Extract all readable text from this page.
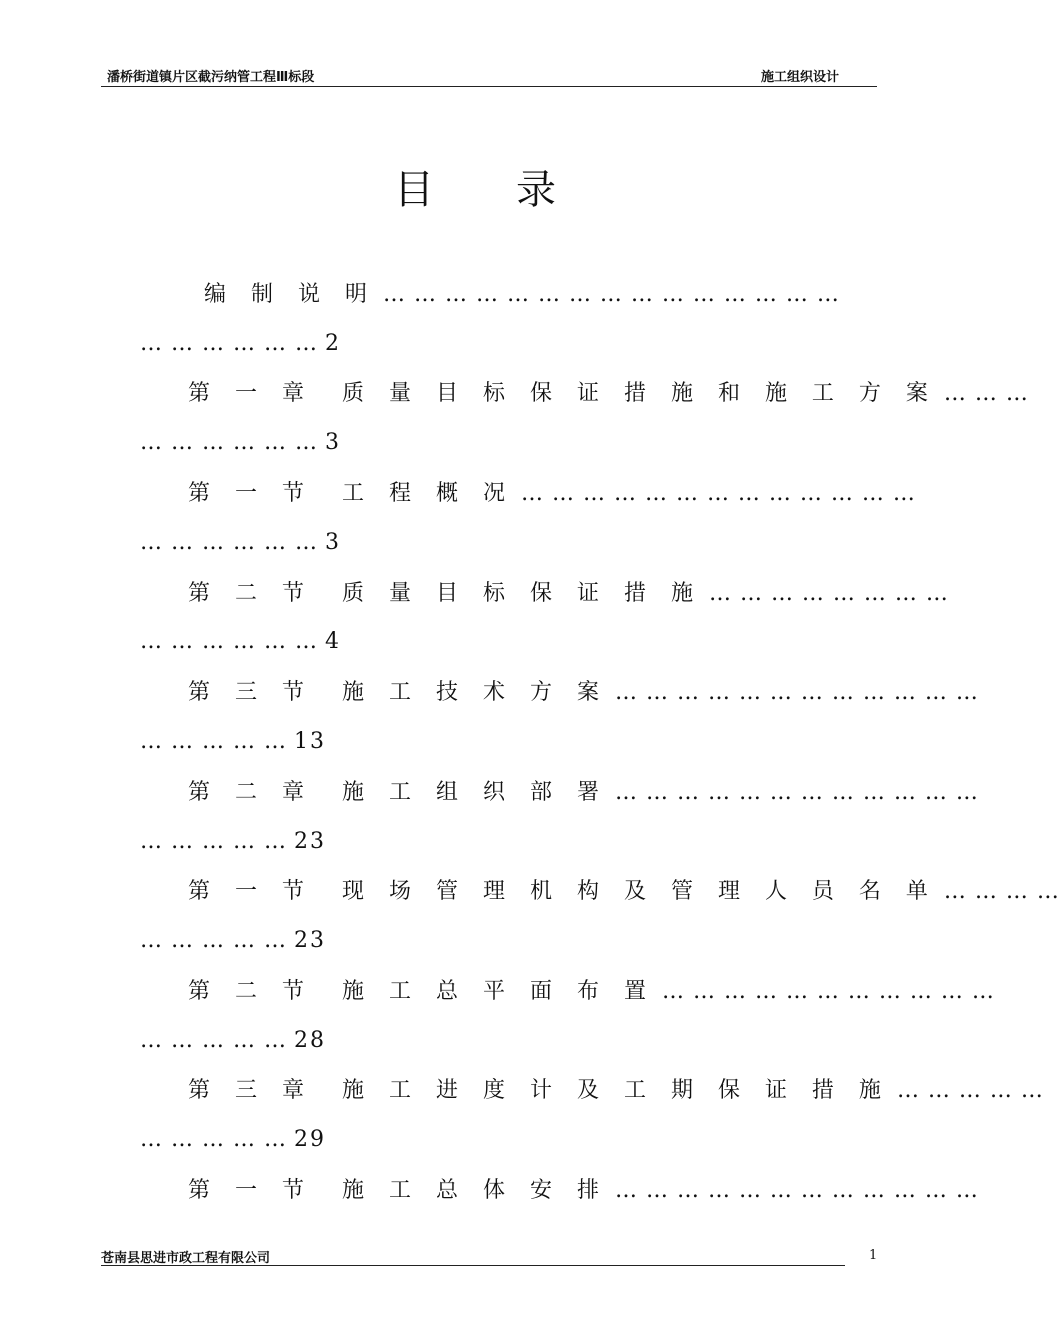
潘桥街道镇片区截污纳管工程Ⅲ标段	施工组织设计
目 录
编 制 说 明 … … … … … … … … … … … … … … …
… … … … … … 2
第 一 章 质 量 目 标 保 证 措 施 和 施 工 方 案 … … …
… … … … … … 3
第 一 节 工 程 概 况 … … … … … … … … … … … … …
… … … … … … 3
第 二 节 质 量 目 标 保 证 措 施 … … … … … … … …
… … … … … … 4
第 三 节 施 工 技 术 方 案 … … … … … … … … … … … …
… … … … … 13
第 二 章 施 工 组 织 部 署 … … … … … … … … … … … …
… … … … … 23
第 一 节 现 场 管 理 机 构 及 管 理 人 员 名 单 … … … …
… … … … … 23
第 二 节 施 工 总 平 面 布 置 … … … … … … … … … … …
… … … … … 28
第 三 章 施 工 进 度 计 及 工 期 保 证 措 施 … … … … …
… … … … … 29
第 一 节 施 工 总 体 安 排 … … … … … … … … … … … …
苍南县思进市政工程有限公司	1
